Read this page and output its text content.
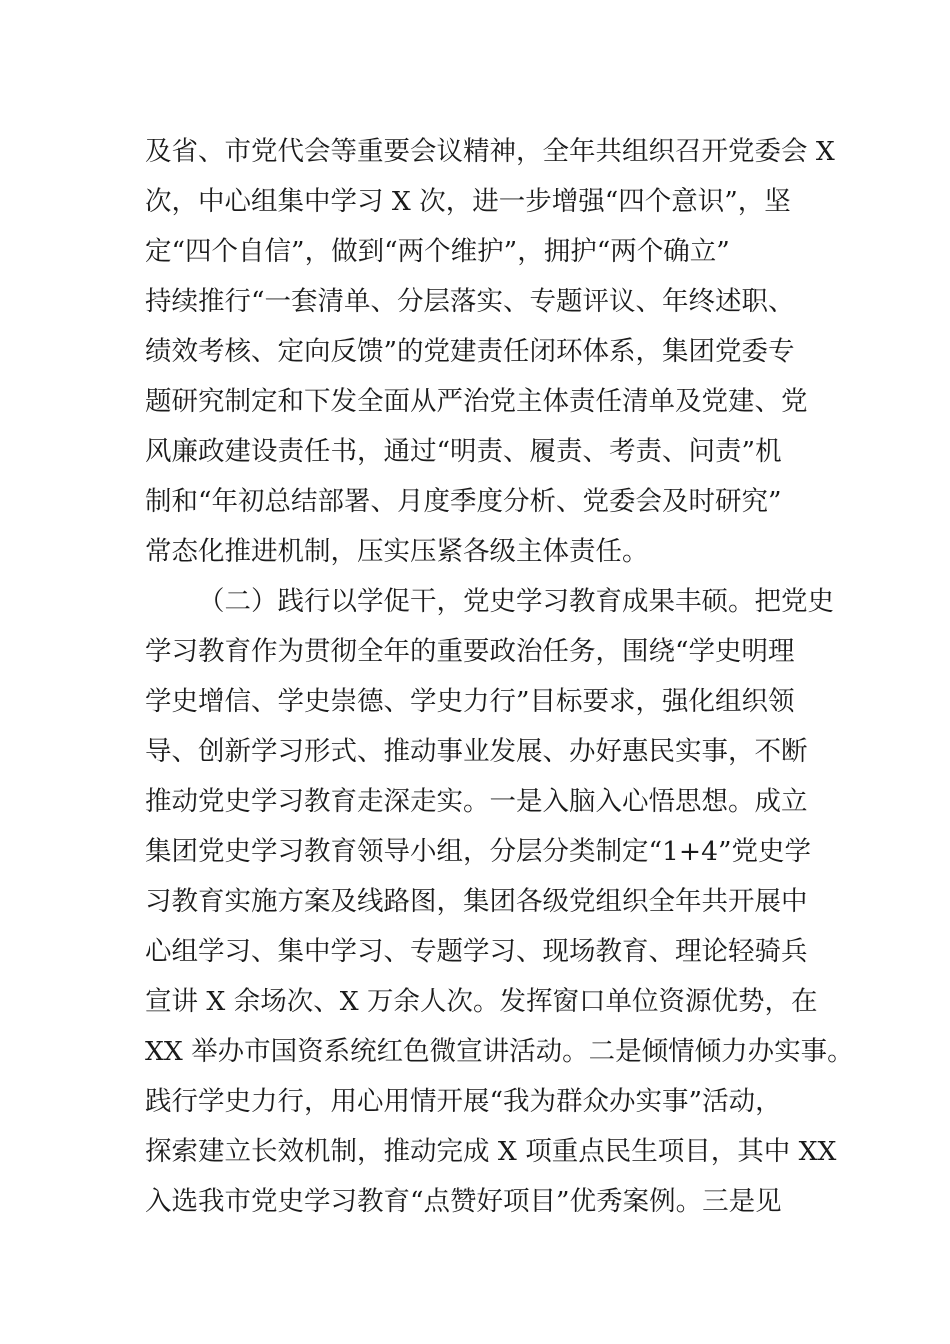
及省、市党代会等重要会议精神，全年共组织召开党委会 X
次，中心组集中学习 X 次，进一步增强“四个意识”，坚
定“四个自信”，做到“两个维护”，拥护“两个确立”
持续推行“一套清单、分层落实、专题评议、年终述职、
绩效考核、定向反馈”的党建责任闭环体系，集团党委专
题研究制定和下发全面从严治党主体责任清单及党建、党
风廉政建设责任书，通过“明责、履责、考责、问责”机
制和“年初总结部署、月度季度分析、党委会及时研究”
常态化推进机制，压实压紧各级主体责任。
（二）践行以学促干，党史学习教育成果丰硕。把党史
学习教育作为贯彻全年的重要政治任务，围绕“学史明理
学史增信、学史崇德、学史力行”目标要求，强化组织领
导、创新学习形式、推动事业发展、办好惠民实事，不断
推动党史学习教育走深走实。一是入脑入心悟思想。成立
集团党史学习教育领导小组，分层分类制定“1+4”党史学
习教育实施方案及线路图，集团各级党组织全年共开展中
心组学习、集中学习、专题学习、现场教育、理论轻骑兵
宣讲 X 余场次、X 万余人次。发挥窗口单位资源优势，在
XX 举办市国资系统红色微宣讲活动。二是倾情倾力办实事。
践行学史力行，用心用情开展“我为群众办实事”活动，
探索建立长效机制，推动完成 X 项重点民生项目，其中 XX
入选我市党史学习教育“点赞好项目”优秀案例。三是见
